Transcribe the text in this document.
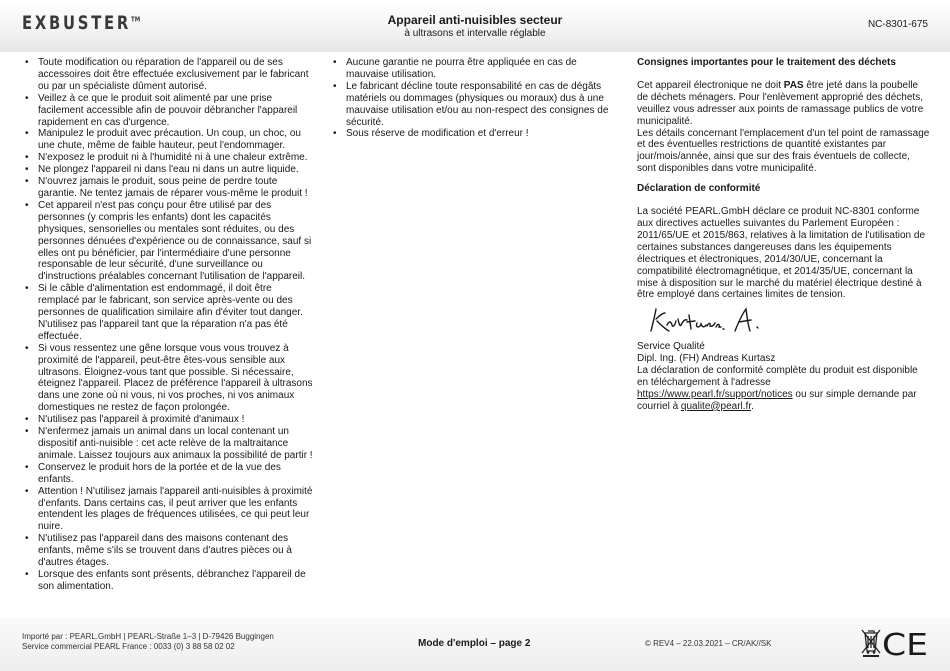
EXBUSTER™	Appareil anti-nuisibles secteur
à ultrasons et intervalle réglable
NC-8301-675
• Toute modification ou réparation de l'appareil ou de ses accessoires doit être effectuée exclusivement par le fabricant ou par un spécialiste dûment autorisé.
• Veillez à ce que le produit soit alimenté par une prise facilement accessible afin de pouvoir débrancher l'appareil rapidement en cas d'urgence.
• Manipulez le produit avec précaution. Un coup, un choc, ou une chute, même de faible hauteur, peut l'endommager.
• N'exposez le produit ni à l'humidité ni à une chaleur extrême.
• Ne plongez l'appareil ni dans l'eau ni dans un autre liquide.
• N'ouvrez jamais le produit, sous peine de perdre toute garantie. Ne tentez jamais de réparer vous-même le produit !
• Cet appareil n'est pas conçu pour être utilisé par des personnes (y compris les enfants) dont les capacités physiques, sensorielles ou mentales sont réduites, ou des personnes dénuées d'expérience ou de connaissance, sauf si elles ont pu bénéficier, par l'intermédiaire d'une personne responsable de leur sécurité, d'une surveillance ou d'instructions préalables concernant l'utilisation de l'appareil.
• Si le câble d'alimentation est endommagé, il doit être remplacé par le fabricant, son service après-vente ou des personnes de qualification similaire afin d'éviter tout danger. N'utilisez pas l'appareil tant que la réparation n'a pas été effectuée.
• Si vous ressentez une gêne lorsque vous vous trouvez à proximité de l'appareil, peut-être êtes-vous sensible aux ultrasons. Éloignez-vous tant que possible. Si nécessaire, éteignez l'appareil. Placez de préférence l'appareil à ultrasons dans une zone où ni vous, ni vos proches, ni vos animaux domestiques ne restez de façon prolongée.
• N'utilisez pas l'appareil à proximité d'animaux !
• N'enfermez jamais un animal dans un local contenant un dispositif anti-nuisible : cet acte relève de la maltraitance animale. Laissez toujours aux animaux la possibilité de partir !
• Conservez le produit hors de la portée et de la vue des enfants.
• Attention ! N'utilisez jamais l'appareil anti-nuisibles à proximité d'enfants. Dans certains cas, il peut arriver que les enfants entendent les plages de fréquences utilisées, ce qui peut leur nuire.
• N'utilisez pas l'appareil dans des maisons contenant des enfants, même s'ils se trouvent dans d'autres pièces ou à d'autres étages.
• Lorsque des enfants sont présents, débranchez l'appareil de son alimentation.
• Aucune garantie ne pourra être appliquée en cas de mauvaise utilisation.
• Le fabricant décline toute responsabilité en cas de dégâts matériels ou dommages (physiques ou moraux) dus à une mauvaise utilisation et/ou au non-respect des consignes de sécurité.
• Sous réserve de modification et d'erreur !

Consignes importantes pour le traitement des déchets

Cet appareil électronique ne doit PAS être jeté dans la poubelle de déchets ménagers. Pour l'enlèvement approprié des déchets, veuillez vous adresser aux points de ramassage publics de votre municipalité.

Les détails concernant l'emplacement d'un tel point de ramassage et des éventuelles restrictions de quantité existantes par jour/mois/année, ainsi que sur des frais éventuels de collecte, sont disponibles dans votre municipalité.

Déclaration de conformité

La société PEARL.GmbH déclare ce produit NC-8301 conforme aux directives actuelles suivantes du Parlement Européen : 2011/65/UE et 2015/863, relatives à la limitation de l'utilisation de certaines substances dangereuses dans les équipements électriques et électroniques, 2014/30/UE, concernant la compatibilité électromagnétique, et 2014/35/UE, concernant la mise à disposition sur le marché du matériel électrique destiné à être employé dans certaines limites de tension.

Service Qualité

Dipl. Ing. (FH) Andreas Kurtasz

La déclaration de conformité complète du produit est disponible en téléchargement à l'adresse

https://www.pearl.fr/support/notices ou sur simple demande par courriel à qualite@pearl.fr.

Importé par : PEARL.GmbH | PEARL-Straße 1–3 | D-79426 Buggingen
Service commercial PEARL France : 0033 (0) 3 88 58 02 02	Mode d'emploi – page 2	© REV4 – 22.03.2021 – CR/AK//SK	CE
